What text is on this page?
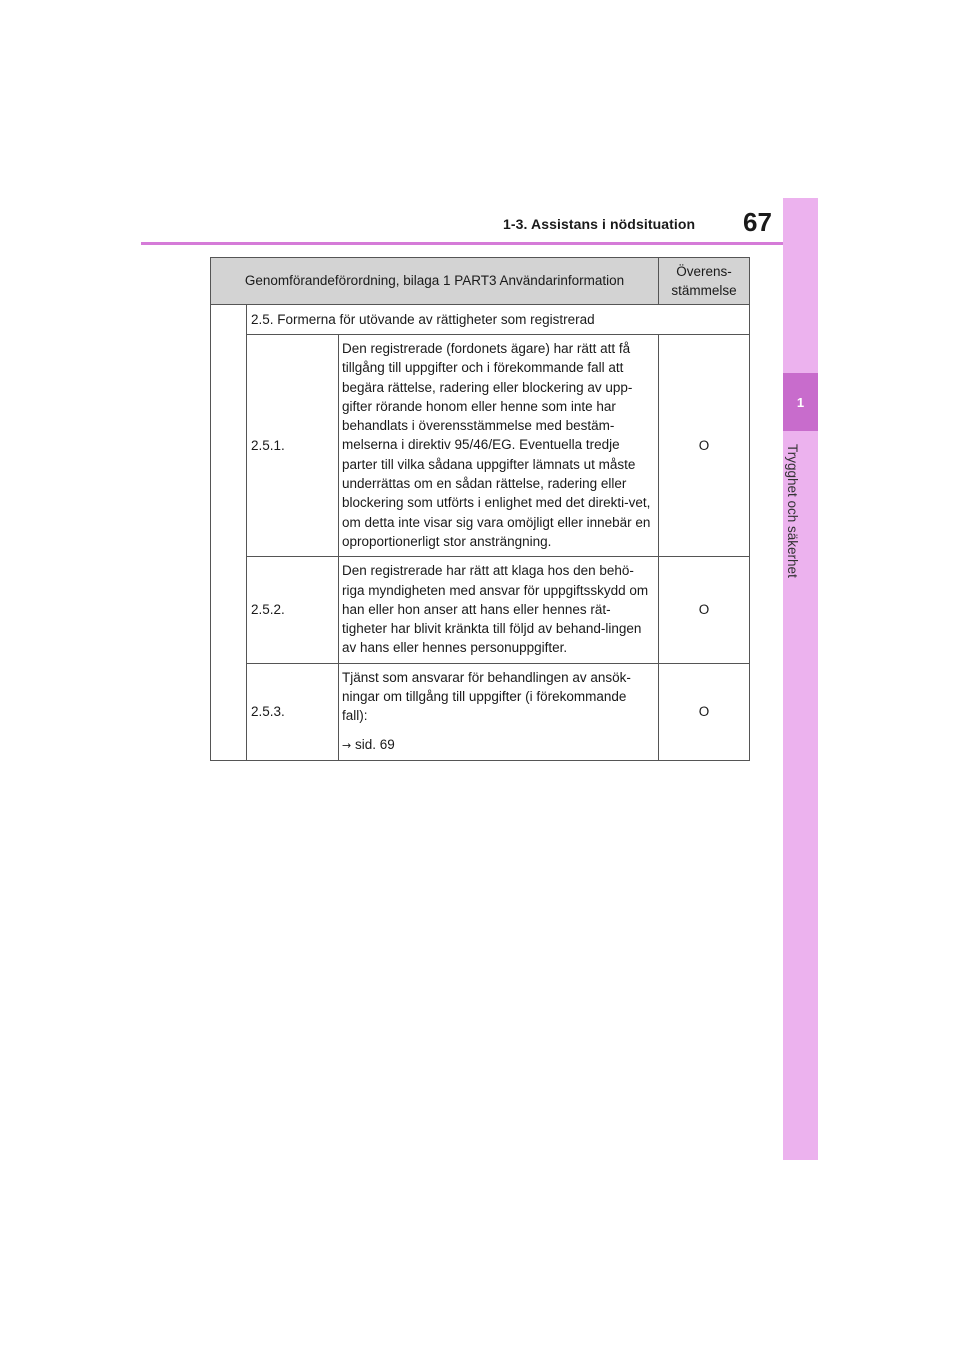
1-3. Assistans i nödsituation 67
1
Trygghet och säkerhet
Genomförandeförordning, bilaga 1 PART3 Användarinformation			Överens-
stämmelse
	2.5. Formerna för utövande av rättigheter som registrerad		
	2.5.1.	Den registrerade (fordonets ägare) har rätt att få tillgång till uppgifter och i förekommande fall att begära rättelse, radering eller blockering av upp-gifter rörande honom eller henne som inte har behandlats i överensstämmelse med bestäm-melserna i direktiv 95/46/EG. Eventuella tredje parter till vilka sådana uppgifter lämnats ut måste underrättas om en sådan rättelse, radering eller blockering som utförts i enlighet med det direkti-vet, om detta inte visar sig vara omöjligt eller innebär en oproportionerligt stor ansträngning.	O
	2.5.2.	Den registrerade har rätt att klaga hos den behö-riga myndigheten med ansvar för uppgiftsskydd om han eller hon anser att hans eller hennes rät-tigheter har blivit kränkta till följd av behand-lingen av hans eller hennes personuppgifter.	O
	2.5.3.	Tjänst som ansvarar för behandlingen av ansök-ningar om tillgång till uppgifter (i förekommande fall):
→ sid. 69	O
